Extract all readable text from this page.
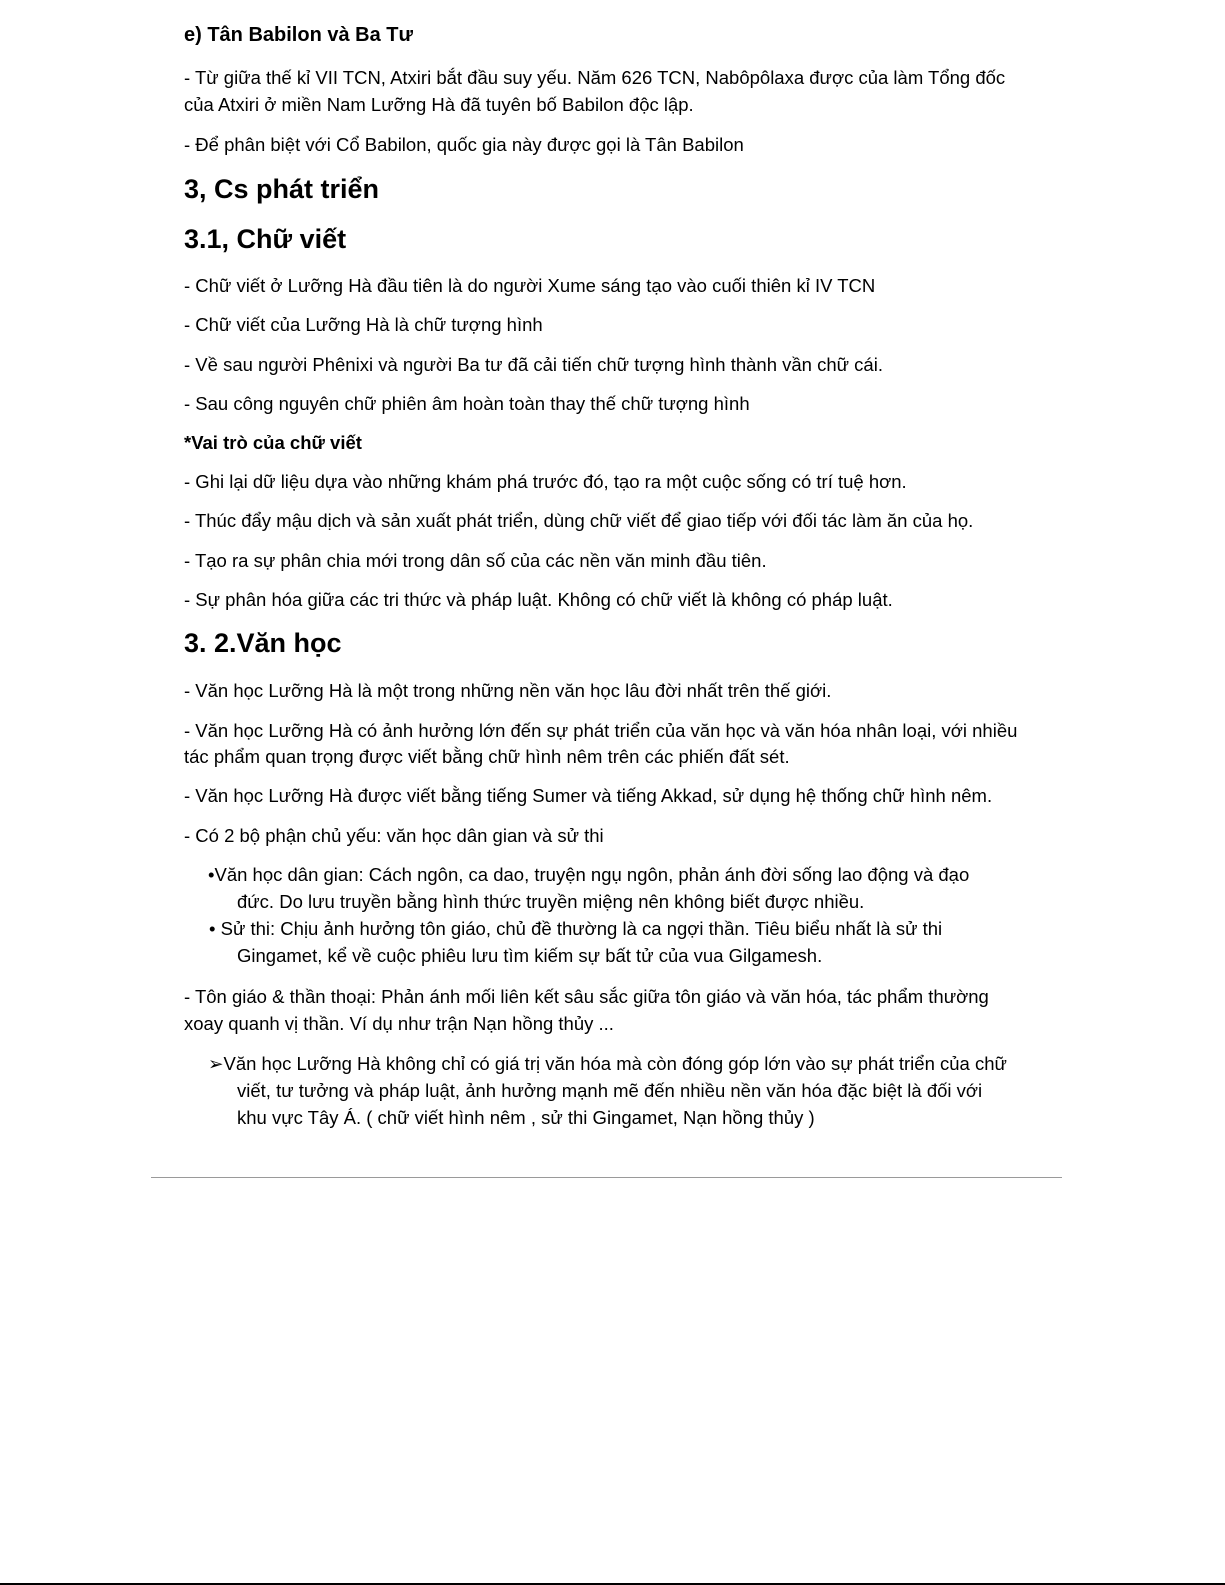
e) Tân Babilon và Ba Tư
- Từ giữa thế kỉ VII TCN, Atxiri bắt đầu suy yếu. Năm 626 TCN, Nabôpôlaxa được của làm Tổng đốc
của Atxiri ở miền Nam Lưỡng Hà đã tuyên bố Babilon độc lập.
- Để phân biệt với Cổ Babilon, quốc gia này được gọi là Tân Babilon
3, Cs phát triển
3.1, Chữ viết
- Chữ viết ở Lưỡng Hà đầu tiên là do người Xume sáng tạo vào cuối thiên kỉ IV TCN
- Chữ viết của Lưỡng Hà là chữ tượng hình
- Về sau người Phênixi và người Ba tư đã cải tiến chữ tượng hình thành vần chữ cái.
- Sau công nguyên chữ phiên âm hoàn toàn thay thế chữ tượng hình
*Vai trò của chữ viết
- Ghi lại dữ liệu dựa vào những khám phá trước đó, tạo ra một cuộc sống có trí tuệ hơn.
- Thúc đẩy mậu dịch và sản xuất phát triển, dùng chữ viết để giao tiếp với đối tác làm ăn của họ.
- Tạo ra sự phân chia mới trong dân số của các nền văn minh đầu tiên.
- Sự phân hóa giữa các tri thức và pháp luật. Không có chữ viết là không có pháp luật.
3. 2.Văn học
- Văn học Lưỡng Hà là một trong những nền văn học lâu đời nhất trên thế giới.
- Văn học Lưỡng Hà có ảnh hưởng lớn đến sự phát triển của văn học và văn hóa nhân loại, với nhiều
tác phẩm quan trọng được viết bằng chữ hình nêm trên các phiến đất sét.
- Văn học Lưỡng Hà được viết bằng tiếng Sumer và tiếng Akkad, sử dụng hệ thống chữ hình nêm.
- Có 2 bộ phận chủ yếu: văn học dân gian và sử thi
•Văn học dân gian: Cách ngôn, ca dao, truyện ngụ ngôn, phản ánh đời sống lao động và đạo
đức. Do lưu truyền bằng hình thức truyền miệng nên không biết được nhiều.
• Sử thi: Chịu ảnh hưởng tôn giáo, chủ đề thường là ca ngợi thần. Tiêu biểu nhất là sử thi
Gingamet, kể về cuộc phiêu lưu tìm kiếm sự bất tử của vua Gilgamesh.
- Tôn giáo & thần thoại: Phản ánh mối liên kết sâu sắc giữa tôn giáo và văn hóa, tác phẩm thường
xoay quanh vị thần. Ví dụ như trận Nạn hồng thủy ...
➢Văn học Lưỡng Hà không chỉ có giá trị văn hóa mà còn đóng góp lớn vào sự phát triển của chữ
viết, tư tưởng và pháp luật, ảnh hưởng mạnh mẽ đến nhiều nền văn hóa đặc biệt là đối với
khu vực Tây Á. ( chữ viết hình nêm , sử thi Gingamet, Nạn hồng thủy )
